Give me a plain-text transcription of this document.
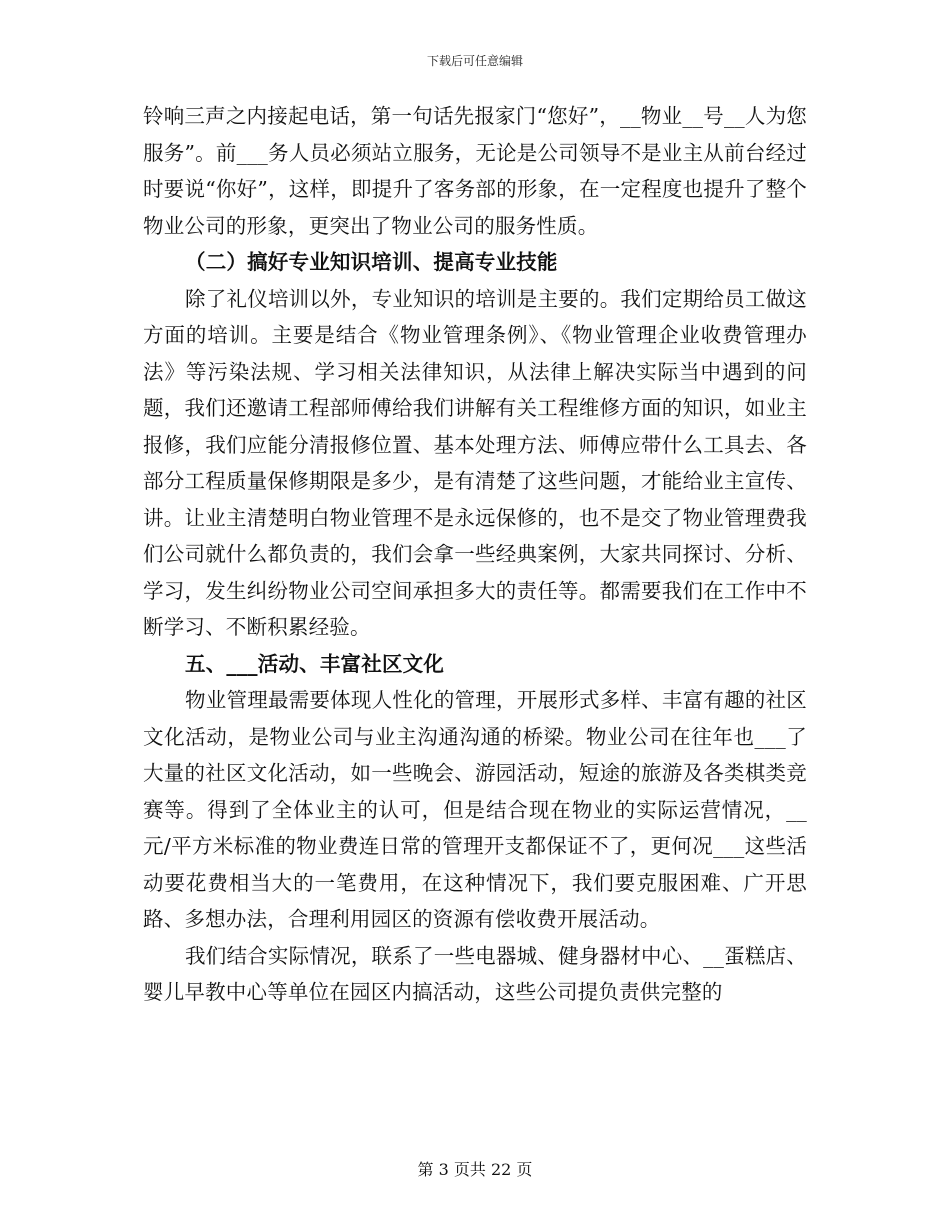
下载后可任意编辑

铃响三声之内接起电话，第一句话先报家门“您好”，__物业__号__人为您服务”。前___务人员必须站立服务，无论是公司领导不是业主从前台经过时要说“你好”，这样，即提升了客务部的形象，在一定程度也提升了整个物业公司的形象，更突出了物业公司的服务性质。

（二）搞好专业知识培训、提高专业技能

除了礼仪培训以外，专业知识的培训是主要的。我们定期给员工做这方面的培训。主要是结合《物业管理条例》、《物业管理企业收费管理办法》等污染法规、学习相关法律知识，从法律上解决实际当中遇到的问题，我们还邀请工程部师傅给我们讲解有关工程维修方面的知识，如业主报修，我们应能分清报修位置、基本处理方法、师傅应带什么工具去、各部分工程质量保修期限是多少，是有清楚了这些问题，才能给业主宣传、讲。让业主清楚明白物业管理不是永远保修的，也不是交了物业管理费我们公司就什么都负责的，我们会拿一些经典案例，大家共同探讨、分析、学习，发生纠纷物业公司空间承担多大的责任等。都需要我们在工作中不断学习、不断积累经验。

五、___活动、丰富社区文化

物业管理最需要体现人性化的管理，开展形式多样、丰富有趣的社区文化活动，是物业公司与业主沟通沟通的桥梁。物业公司在往年也___了大量的社区文化活动，如一些晚会、游园活动，短途的旅游及各类棋类竞赛等。得到了全体业主的认可，但是结合现在物业的实际运营情况，__元/平方米标准的物业费连日常的管理开支都保证不了，更何况___这些活动要花费相当大的一笔费用，在这种情况下，我们要克服困难、广开思路、多想办法，合理利用园区的资源有偿收费开展活动。

我们结合实际情况，联系了一些电器城、健身器材中心、__蛋糕店、婴儿早教中心等单位在园区内搞活动，这些公司提负责供完整的

第 3 页共 22 页
